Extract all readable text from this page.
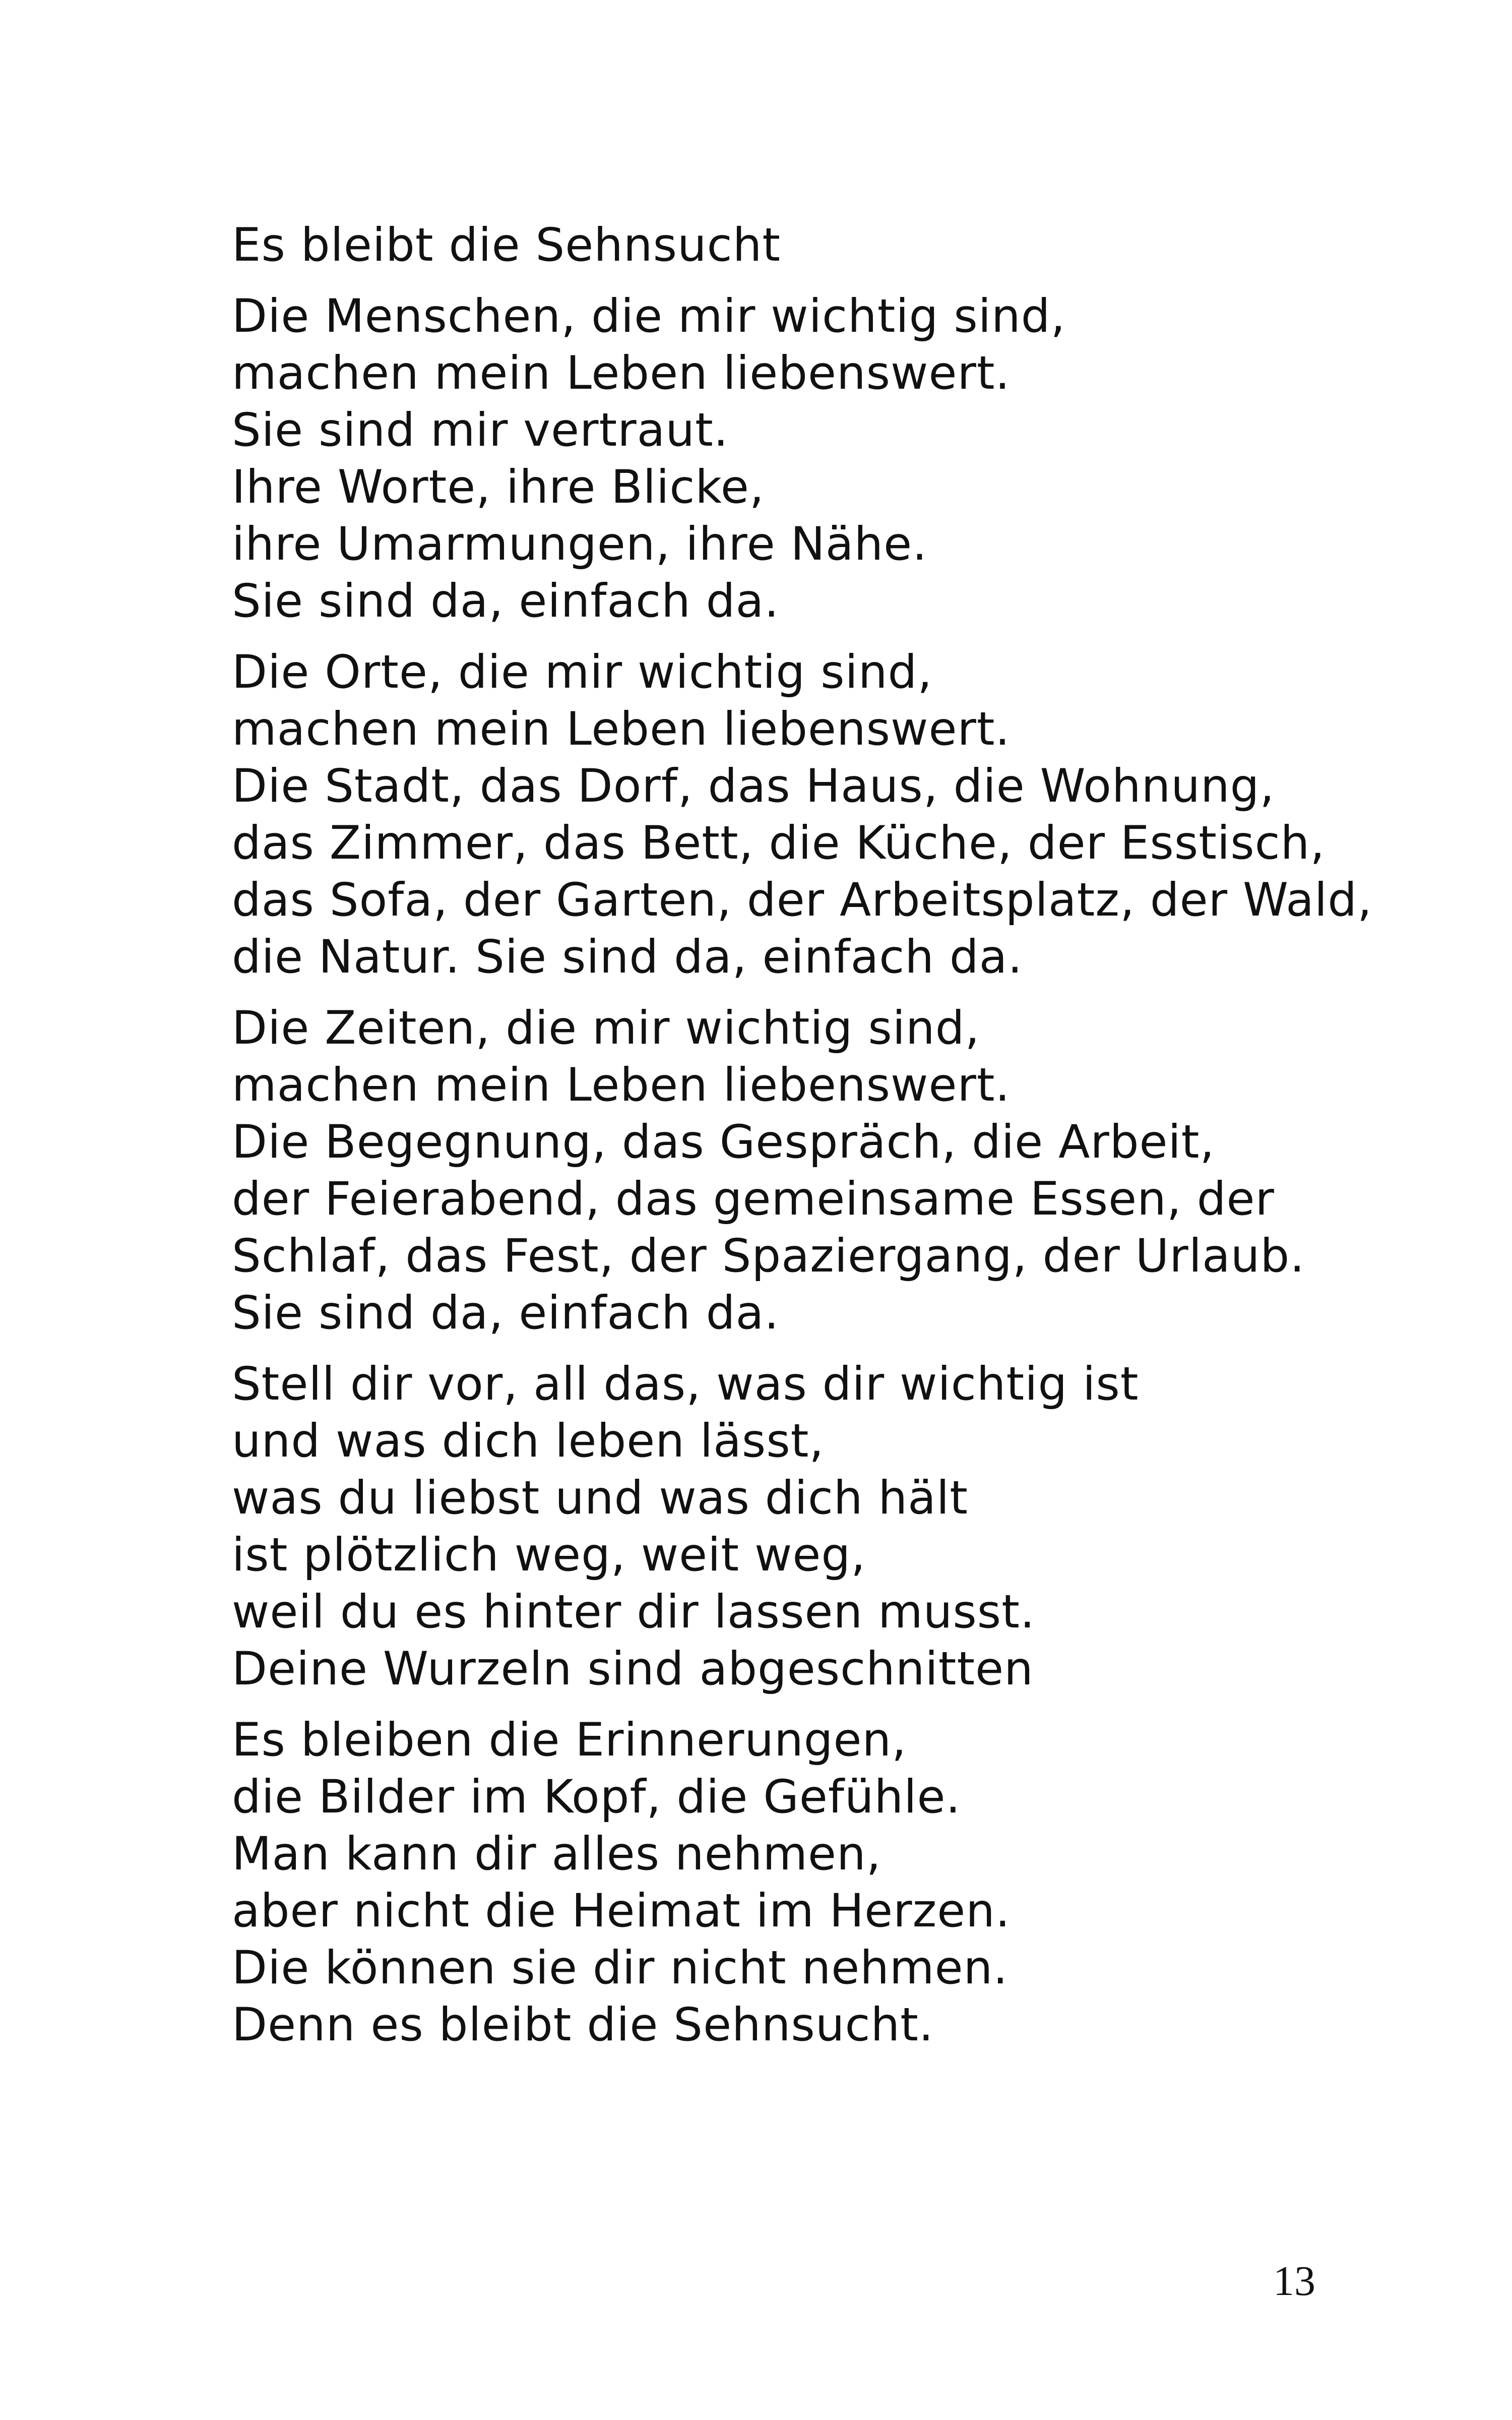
Es bleibt die Sehnsucht
Die Menschen, die mir wichtig sind,
machen mein Leben liebenswert.
Sie sind mir vertraut.
Ihre Worte, ihre Blicke,
ihre Umarmungen, ihre Nähe.
Sie sind da, einfach da.
Die Orte, die mir wichtig sind,
machen mein Leben liebenswert.
Die Stadt, das Dorf, das Haus, die Wohnung,
das Zimmer, das Bett, die Küche, der Esstisch,
das Sofa, der Garten, der Arbeitsplatz, der Wald,
die Natur. Sie sind da, einfach da.
Die Zeiten, die mir wichtig sind,
machen mein Leben liebenswert.
Die Begegnung, das Gespräch, die Arbeit,
der Feierabend, das gemeinsame Essen, der
Schlaf, das Fest, der Spaziergang, der Urlaub.
Sie sind da, einfach da.
Stell dir vor, all das, was dir wichtig ist
und was dich leben lässt,
was du liebst und was dich hält
ist plötzlich weg, weit weg,
weil du es hinter dir lassen musst.
Deine Wurzeln sind abgeschnitten
Es bleiben die Erinnerungen,
die Bilder im Kopf, die Gefühle.
Man kann dir alles nehmen,
aber nicht die Heimat im Herzen.
Die können sie dir nicht nehmen.
Denn es bleibt die Sehnsucht.
13
